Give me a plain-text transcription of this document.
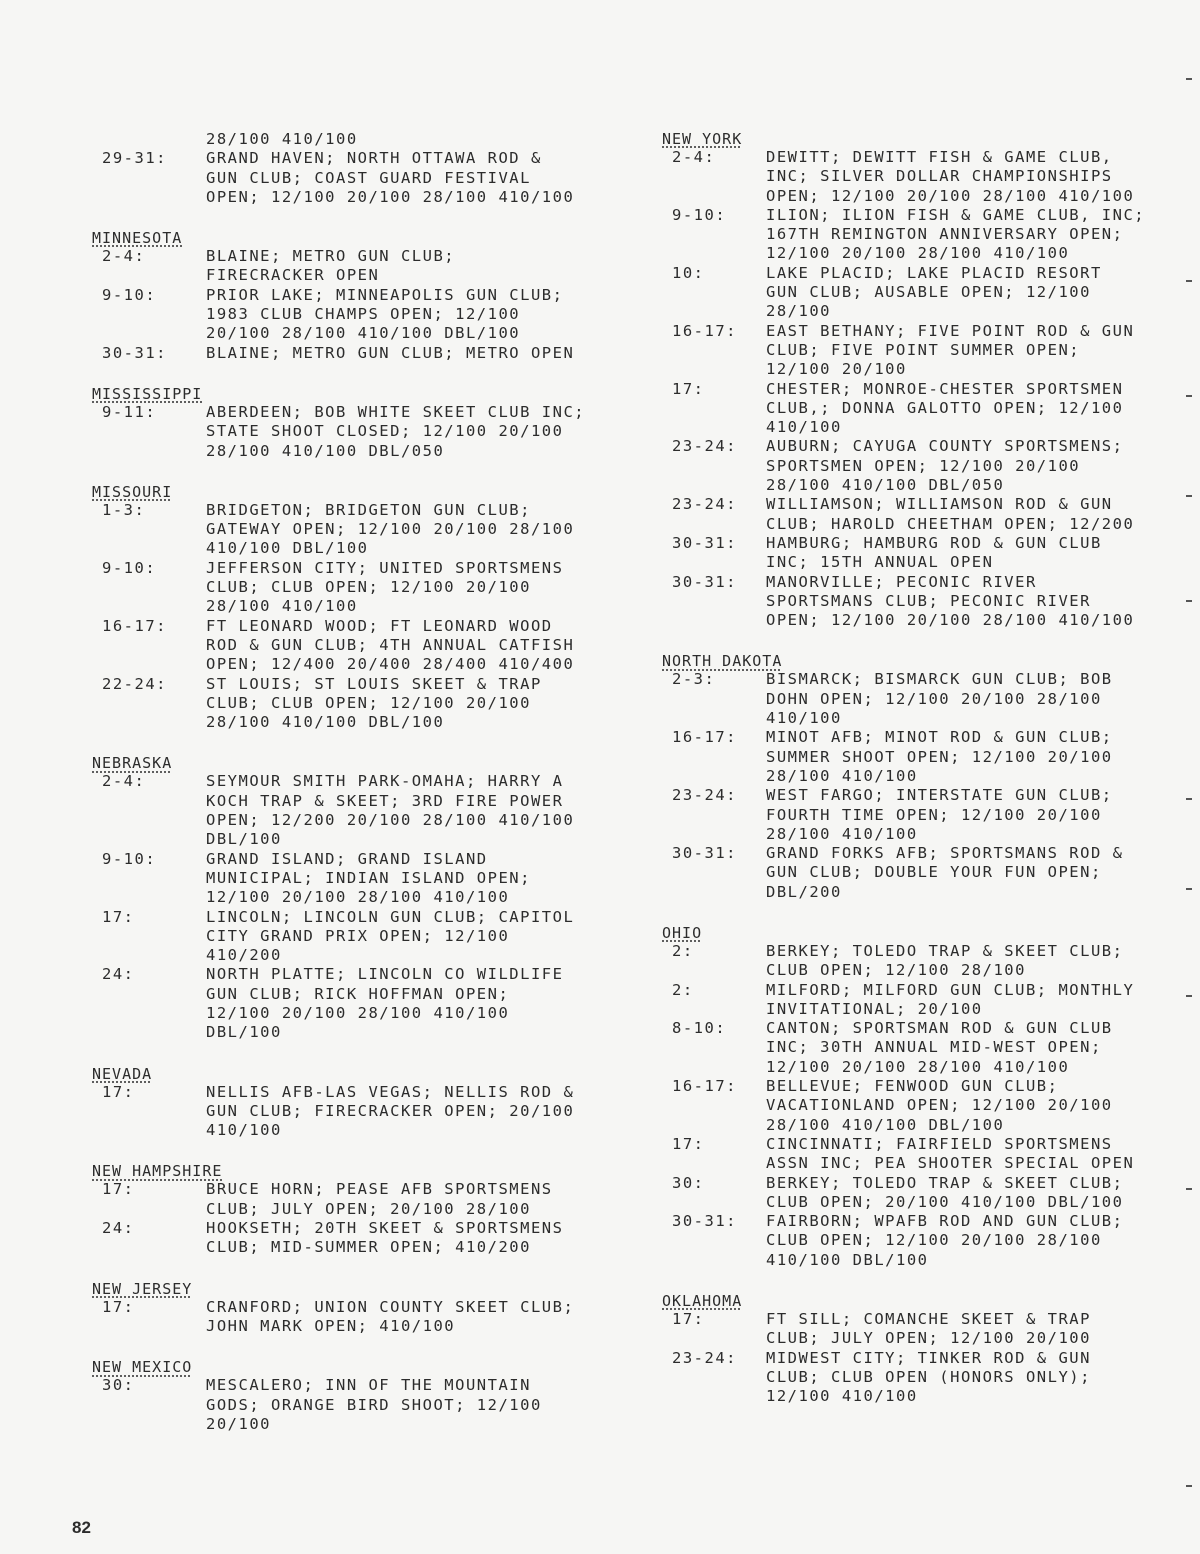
28/100 410/100
29-31:	GRAND HAVEN; NORTH OTTAWA ROD &
GUN CLUB; COAST GUARD FESTIVAL
OPEN; 12/100 20/100 28/100 410/100
MINNESOTA
2-4:	BLAINE; METRO GUN CLUB;
FIRECRACKER OPEN
9-10:	PRIOR LAKE; MINNEAPOLIS GUN CLUB;
1983 CLUB CHAMPS OPEN; 12/100
20/100 28/100 410/100 DBL/100
30-31:	BLAINE; METRO GUN CLUB; METRO OPEN
MISSISSIPPI
9-11:	ABERDEEN; BOB WHITE SKEET CLUB INC;
STATE SHOOT CLOSED; 12/100 20/100
28/100 410/100 DBL/050
MISSOURI
1-3:	BRIDGETON; BRIDGETON GUN CLUB;
GATEWAY OPEN; 12/100 20/100 28/100
410/100 DBL/100
9-10:	JEFFERSON CITY; UNITED SPORTSMENS
CLUB; CLUB OPEN; 12/100 20/100
28/100 410/100
16-17:	FT LEONARD WOOD; FT LEONARD WOOD
ROD & GUN CLUB; 4TH ANNUAL CATFISH
OPEN; 12/400 20/400 28/400 410/400
22-24:	ST LOUIS; ST LOUIS SKEET & TRAP
CLUB; CLUB OPEN; 12/100 20/100
28/100 410/100 DBL/100
NEBRASKA
2-4:	SEYMOUR SMITH PARK-OMAHA; HARRY A
KOCH TRAP & SKEET; 3RD FIRE POWER
OPEN; 12/200 20/100 28/100 410/100
DBL/100
9-10:	GRAND ISLAND; GRAND ISLAND
MUNICIPAL; INDIAN ISLAND OPEN;
12/100 20/100 28/100 410/100
17:	LINCOLN; LINCOLN GUN CLUB; CAPITOL
CITY GRAND PRIX OPEN; 12/100
410/200
24:	NORTH PLATTE; LINCOLN CO WILDLIFE
GUN CLUB; RICK HOFFMAN OPEN;
12/100 20/100 28/100 410/100
DBL/100
NEVADA
17:	NELLIS AFB-LAS VEGAS; NELLIS ROD &
GUN CLUB; FIRECRACKER OPEN; 20/100
410/100
NEW HAMPSHIRE
17:	BRUCE HORN; PEASE AFB SPORTSMENS
CLUB; JULY OPEN; 20/100 28/100
24:	HOOKSETH; 20TH SKEET & SPORTSMENS
CLUB; MID-SUMMER OPEN; 410/200
NEW JERSEY
17:	CRANFORD; UNION COUNTY SKEET CLUB;
JOHN MARK OPEN; 410/100
NEW MEXICO
30:	MESCALERO; INN OF THE MOUNTAIN
GODS; ORANGE BIRD SHOOT; 12/100
20/100
NEW YORK
2-4:	DEWITT; DEWITT FISH & GAME CLUB,
INC; SILVER DOLLAR CHAMPIONSHIPS
OPEN; 12/100 20/100 28/100 410/100
9-10:	ILION; ILION FISH & GAME CLUB, INC;
167TH REMINGTON ANNIVERSARY OPEN;
12/100 20/100 28/100 410/100
10:	LAKE PLACID; LAKE PLACID RESORT
GUN CLUB; AUSABLE OPEN; 12/100
28/100
16-17:	EAST BETHANY; FIVE POINT ROD & GUN
CLUB; FIVE POINT SUMMER OPEN;
12/100 20/100
17:	CHESTER; MONROE-CHESTER SPORTSMEN
CLUB,; DONNA GALOTTO OPEN; 12/100
410/100
23-24:	AUBURN; CAYUGA COUNTY SPORTSMENS;
SPORTSMEN OPEN; 12/100 20/100
28/100 410/100 DBL/050
23-24:	WILLIAMSON; WILLIAMSON ROD & GUN
CLUB; HAROLD CHEETHAM OPEN; 12/200
30-31:	HAMBURG; HAMBURG ROD & GUN CLUB
INC; 15TH ANNUAL OPEN
30-31:	MANORVILLE; PECONIC RIVER
SPORTSMANS CLUB; PECONIC RIVER
OPEN; 12/100 20/100 28/100 410/100
NORTH DAKOTA
2-3:	BISMARCK; BISMARCK GUN CLUB; BOB
DOHN OPEN; 12/100 20/100 28/100
410/100
16-17:	MINOT AFB; MINOT ROD & GUN CLUB;
SUMMER SHOOT OPEN; 12/100 20/100
28/100 410/100
23-24:	WEST FARGO; INTERSTATE GUN CLUB;
FOURTH TIME OPEN; 12/100 20/100
28/100 410/100
30-31:	GRAND FORKS AFB; SPORTSMANS ROD &
GUN CLUB; DOUBLE YOUR FUN OPEN;
DBL/200
OHIO
2:	BERKEY; TOLEDO TRAP & SKEET CLUB;
CLUB OPEN; 12/100 28/100
2:	MILFORD; MILFORD GUN CLUB; MONTHLY
INVITATIONAL; 20/100
8-10:	CANTON; SPORTSMAN ROD & GUN CLUB
INC; 30TH ANNUAL MID-WEST OPEN;
12/100 20/100 28/100 410/100
16-17:	BELLEVUE; FENWOOD GUN CLUB;
VACATIONLAND OPEN; 12/100 20/100
28/100 410/100 DBL/100
17:	CINCINNATI; FAIRFIELD SPORTSMENS
ASSN INC; PEA SHOOTER SPECIAL OPEN
30:	BERKEY; TOLEDO TRAP & SKEET CLUB;
CLUB OPEN; 20/100 410/100 DBL/100
30-31:	FAIRBORN; WPAFB ROD AND GUN CLUB;
CLUB OPEN; 12/100 20/100 28/100
410/100 DBL/100
OKLAHOMA
17:	FT SILL; COMANCHE SKEET & TRAP
CLUB; JULY OPEN; 12/100 20/100
23-24:	MIDWEST CITY; TINKER ROD & GUN
CLUB; CLUB OPEN (HONORS ONLY);
12/100 410/100
82
